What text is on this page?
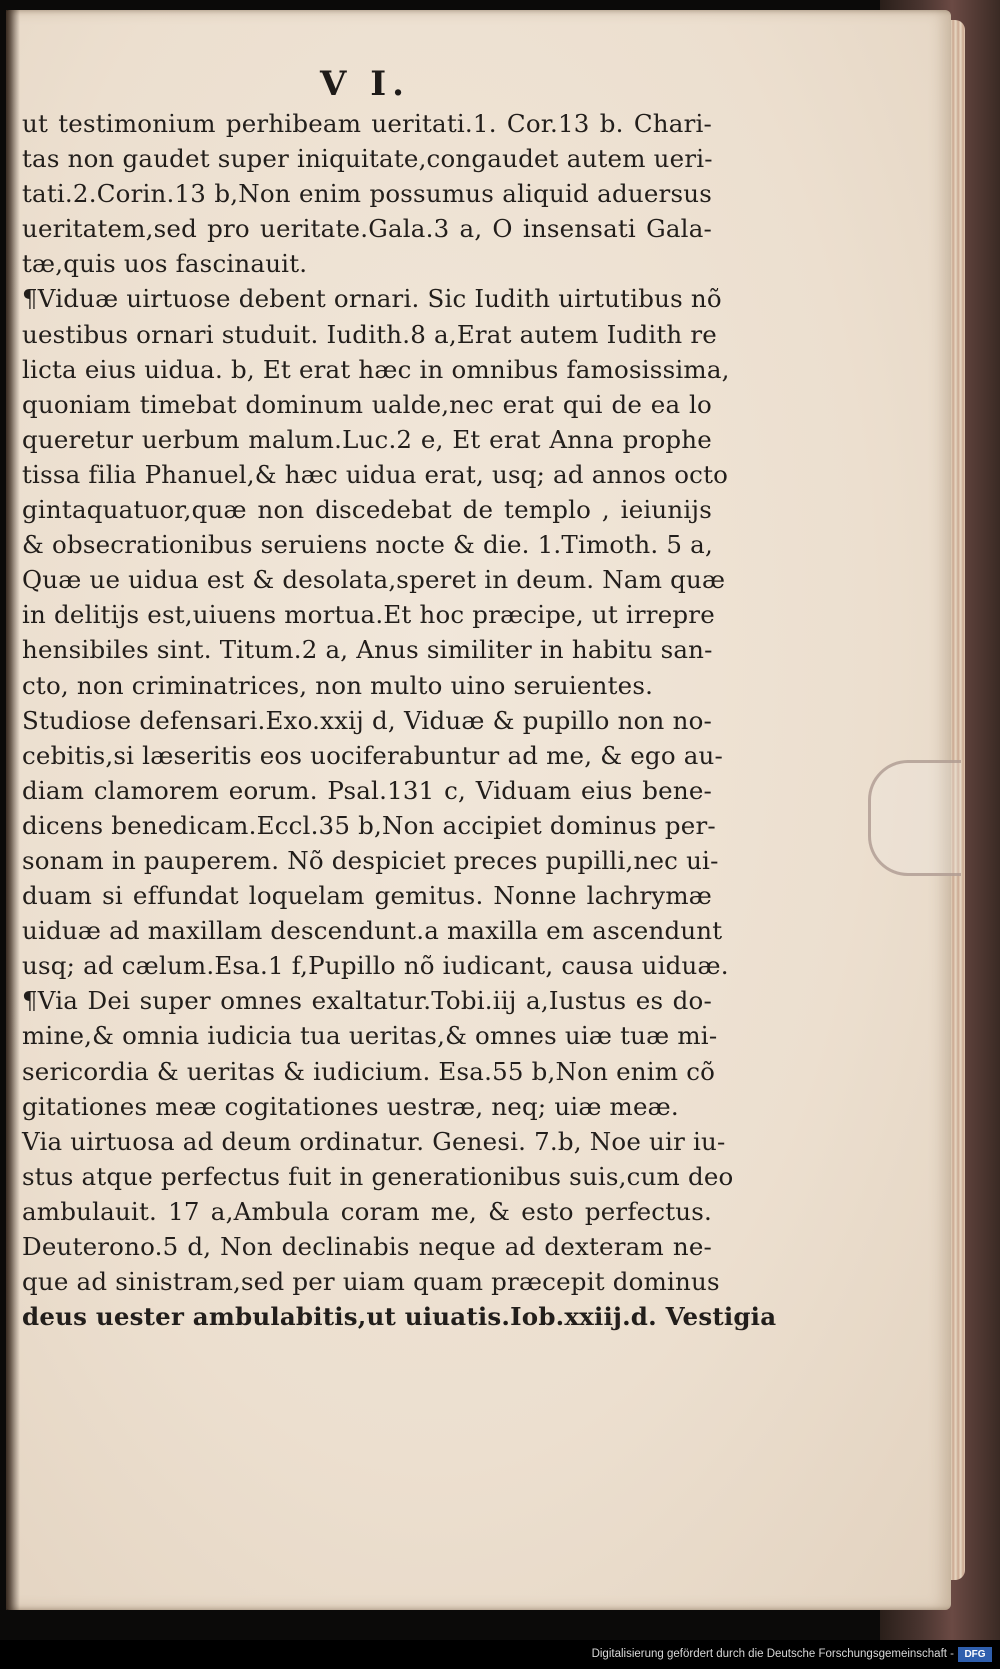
V I.
ut testimonium perhibeam ueritati.1. Cor.13 b. Chari-
tas non gaudet super iniquitate,congaudet autem ueri-
tati.2.Corin.13 b,Non enim possumus aliquid aduersus
ueritatem,sed pro ueritate.Gala.3 a, O insensati Gala-
tæ,quis uos fascinauit.
¶Viduæ uirtuose debent ornari. Sic Iudith uirtutibus nõ
uestibus ornari studuit. Iudith.8 a,Erat autem Iudith re
licta eius uidua. b, Et erat hæc in omnibus famosissima,
quoniam timebat dominum ualde,nec erat qui de ea lo
queretur uerbum malum.Luc.2 e, Et erat Anna prophe
tissa filia Phanuel,& hæc uidua erat, usq; ad annos octo
gintaquatuor,quæ non discedebat de templo , ieiunijs
& obsecrationibus seruiens nocte & die. 1.Timoth. 5 a,
Quæ ue uidua est & desolata,speret in deum. Nam quæ
in delitijs est,uiuens mortua.Et hoc præcipe, ut irrepre
hensibiles sint. Titum.2 a, Anus similiter in habitu san-
cto, non criminatrices, non multo uino seruientes.
Studiose defensari.Exo.xxij d, Viduæ & pupillo non no-
cebitis,si læseritis eos uociferabuntur ad me, & ego au-
diam clamorem eorum. Psal.131 c, Viduam eius bene-
dicens benedicam.Eccl.35 b,Non accipiet dominus per-
sonam in pauperem. Nõ despiciet preces pupilli,nec ui-
duam si effundat loquelam gemitus. Nonne lachrymæ
uiduæ ad maxillam descendunt.a maxilla em ascendunt
usq; ad cælum.Esa.1 f,Pupillo nõ iudicant, causa uiduæ.
¶Via Dei super omnes exaltatur.Tobi.iij a,Iustus es do-
mine,& omnia iudicia tua ueritas,& omnes uiæ tuæ mi-
sericordia & ueritas & iudicium. Esa.55 b,Non enim cõ
gitationes meæ cogitationes uestræ, neq; uiæ meæ.
Via uirtuosa ad deum ordinatur. Genesi. 7.b, Noe uir iu-
stus atque perfectus fuit in generationibus suis,cum deo
ambulauit. 17 a,Ambula coram me, & esto perfectus.
Deuterono.5 d, Non declinabis neque ad dexteram ne-
que ad sinistram,sed per uiam quam præcepit dominus
deus uester ambulabitis,ut uiuatis.Iob.xxiij.d. Vestigia
Digitalisierung gefördert durch die Deutsche Forschungsgemeinschaft -	DFG
